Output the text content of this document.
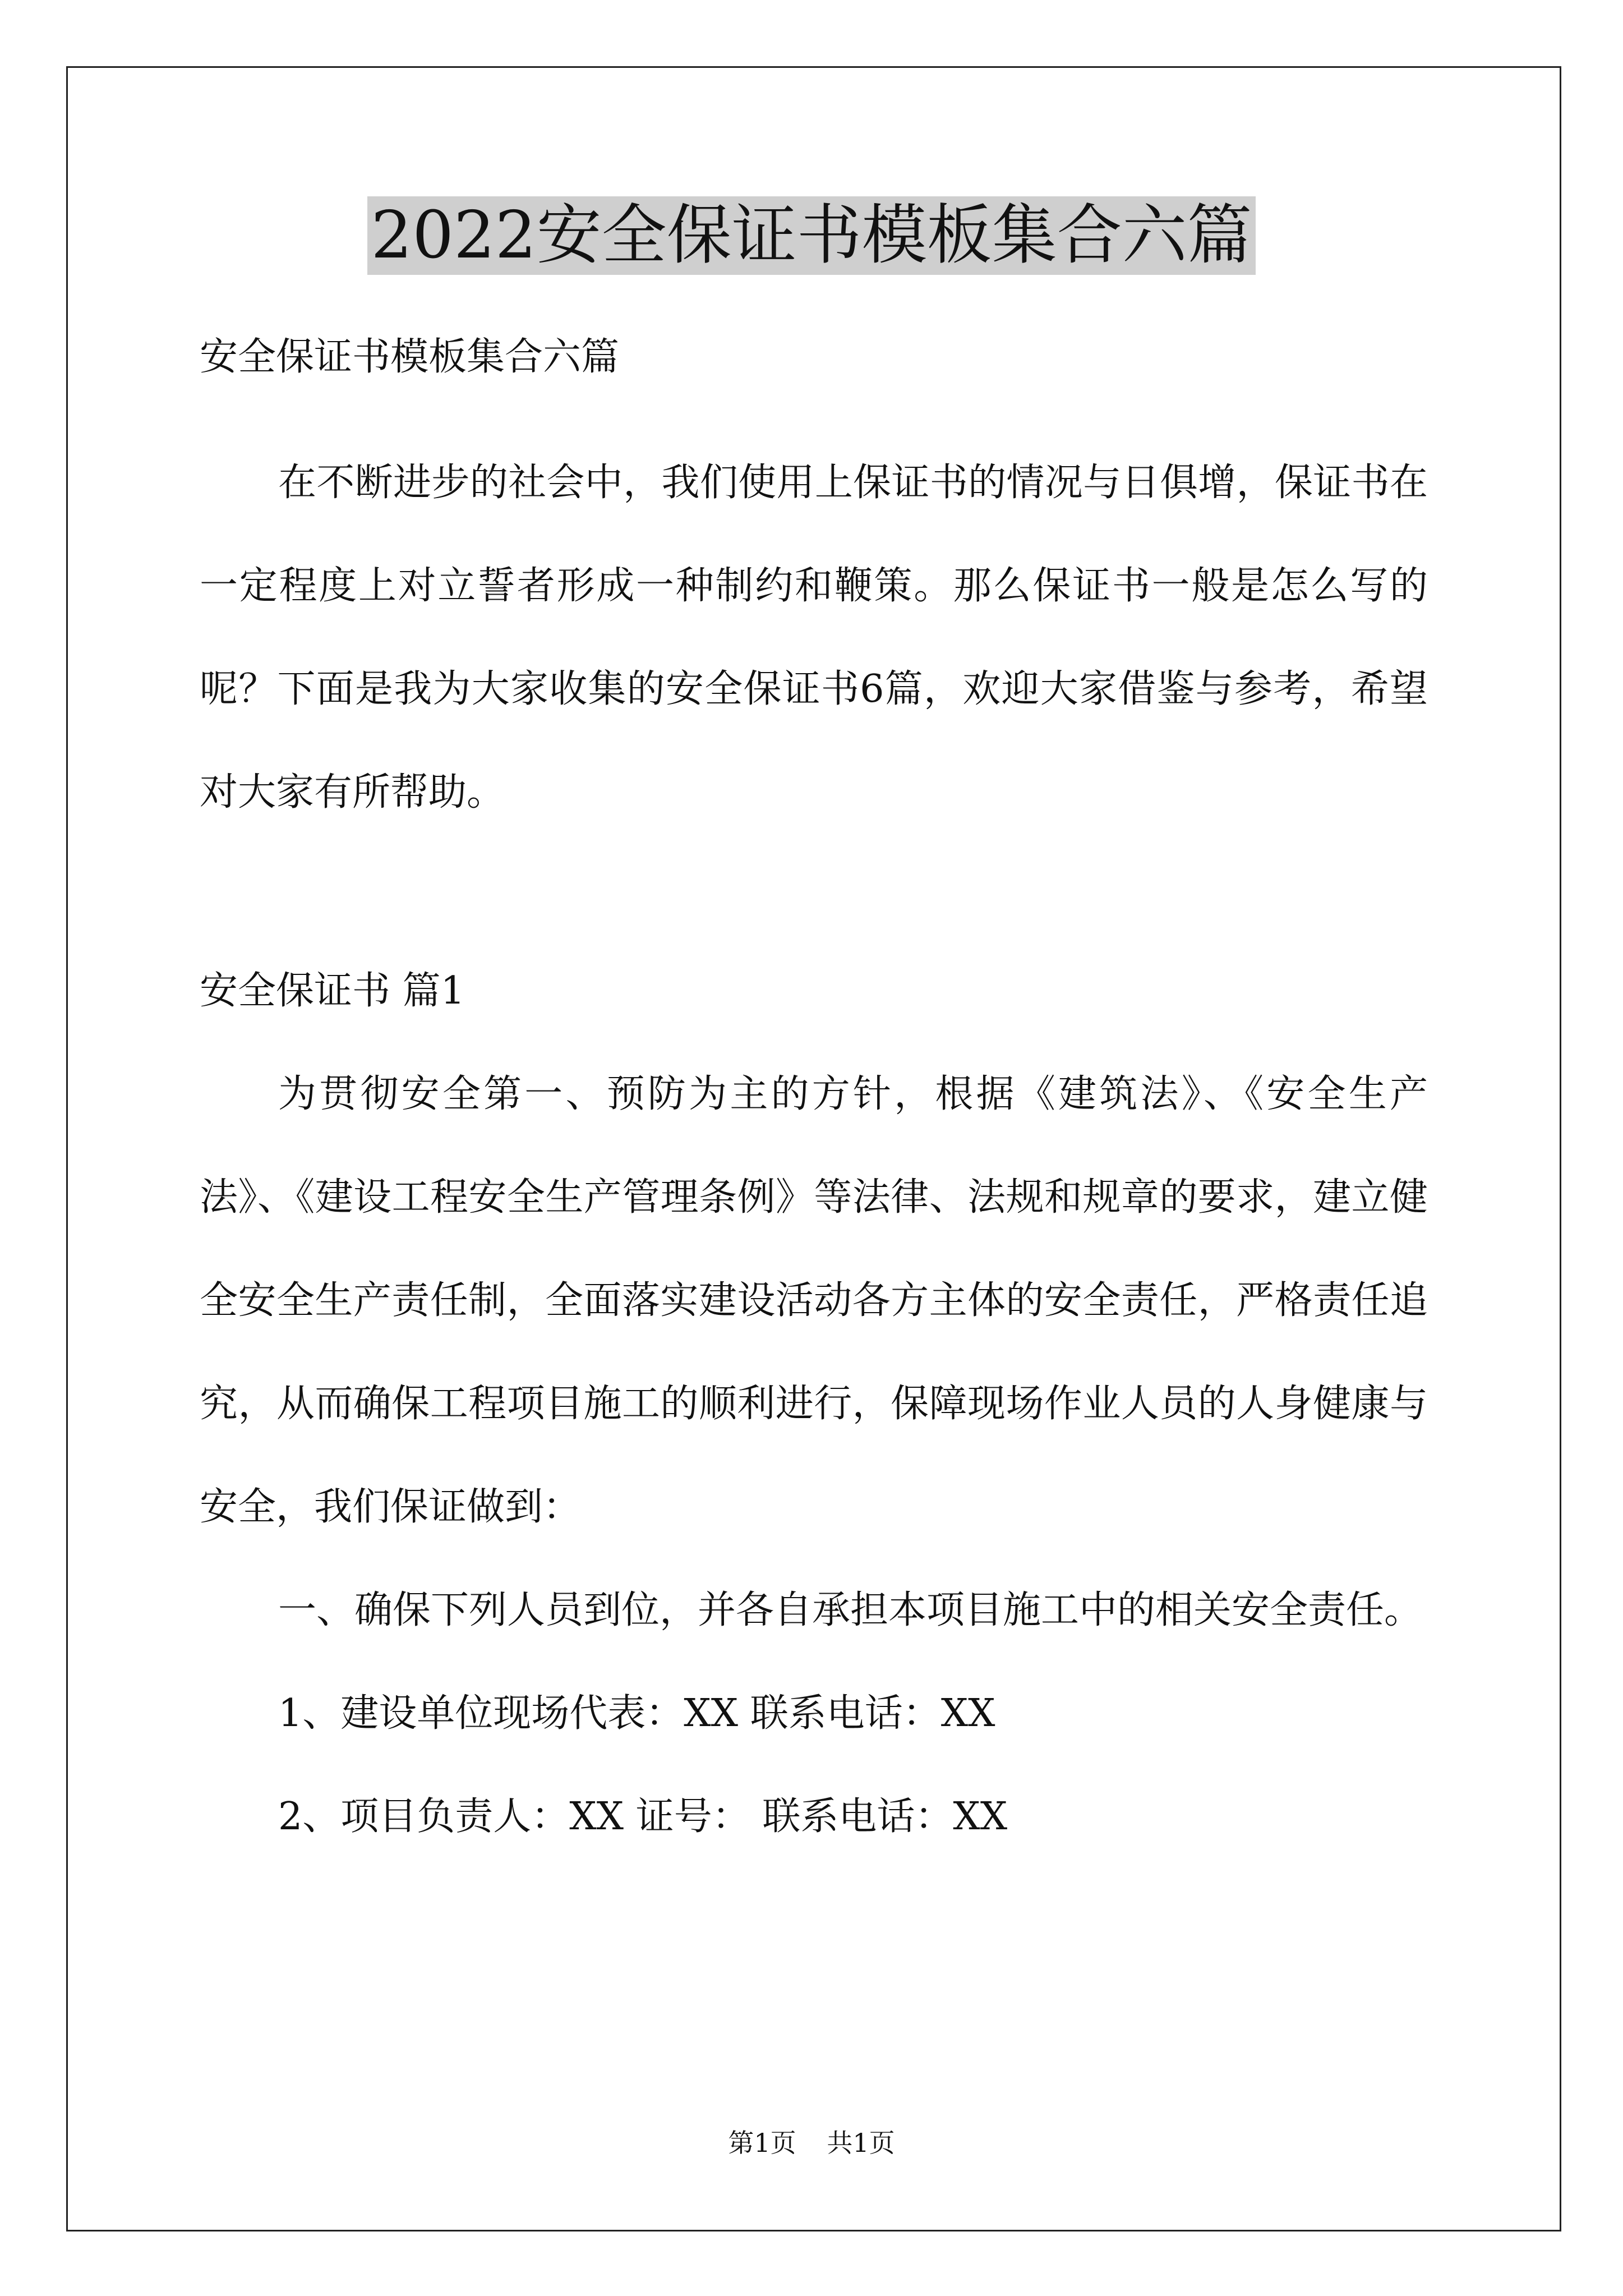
2022安全保证书模板集合六篇

安全保证书模板集合六篇

在不断进步的社会中，我们使用上保证书的情况与日俱增，保证书在一定程度上对立誓者形成一种制约和鞭策。那么保证书一般是怎么写的呢？下面是我为大家收集的安全保证书6篇，欢迎大家借鉴与参考，希望对大家有所帮助。

安全保证书 篇1

为贯彻安全第一、预防为主的方针，根据《建筑法》、《安全生产法》、《建设工程安全生产管理条例》等法律、法规和规章的要求，建立健全安全生产责任制，全面落实建设活动各方主体的安全责任，严格责任追究，从而确保工程项目施工的顺利进行，保障现场作业人员的人身健康与安全，我们保证做到：

一、确保下列人员到位，并各自承担本项目施工中的相关安全责任。

1、建设单位现场代表：XX 联系电话：XX

2、项目负责人：XX 证号： 联系电话：XX

第1页 共1页
